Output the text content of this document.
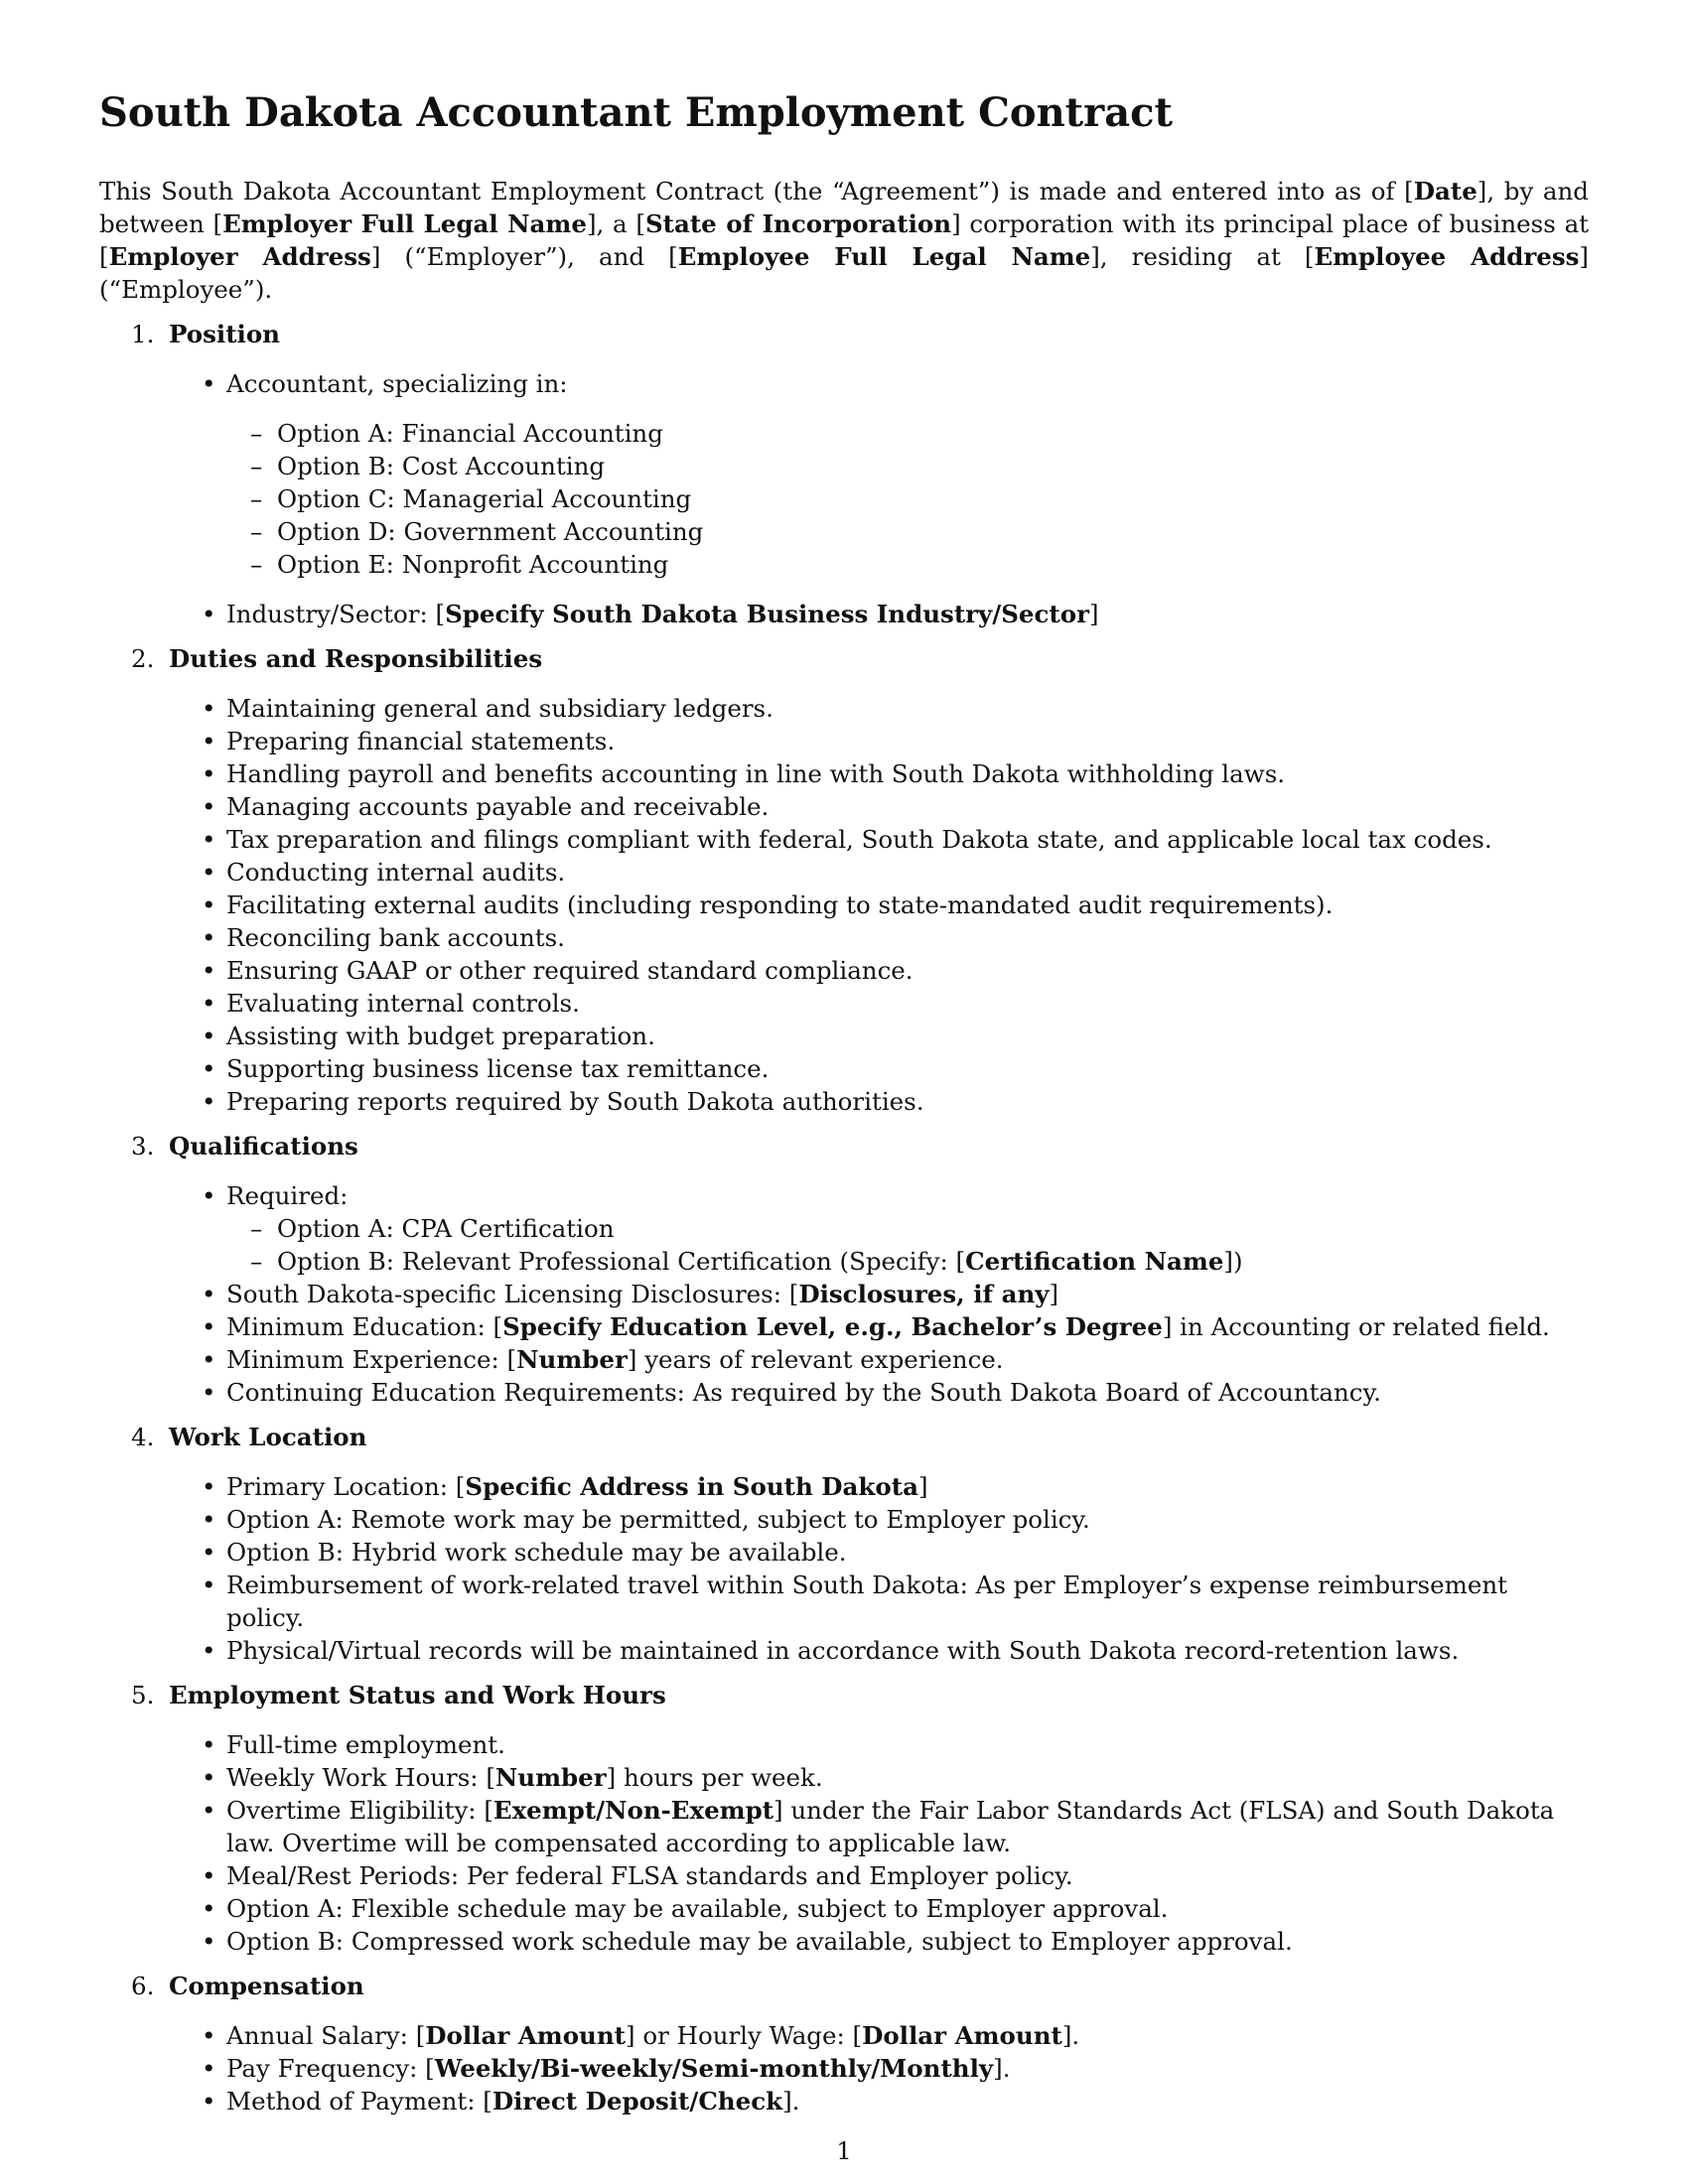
South Dakota Accountant Employment Contract

This South Dakota Accountant Employment Contract (the “Agreement”) is made and entered into as of [Date], by and between [Employer Full Legal Name], a [State of Incorporation] corporation with its principal place of business at [Employer Address] (“Employer”), and [Employee Full Legal Name], residing at [Employee Address] (“Employee”).

1. Position
• Accountant, specializing in:
– Option A: Financial Accounting
– Option B: Cost Accounting
– Option C: Managerial Accounting
– Option D: Government Accounting
– Option E: Nonprofit Accounting
• Industry/Sector: [Specify South Dakota Business Industry/Sector]
2. Duties and Responsibilities
• Maintaining general and subsidiary ledgers.
• Preparing financial statements.
• Handling payroll and benefits accounting in line with South Dakota withholding laws.
• Managing accounts payable and receivable.
• Tax preparation and filings compliant with federal, South Dakota state, and applicable local tax codes.
• Conducting internal audits.
• Facilitating external audits (including responding to state-mandated audit requirements).
• Reconciling bank accounts.
• Ensuring GAAP or other required standard compliance.
• Evaluating internal controls.
• Assisting with budget preparation.
• Supporting business license tax remittance.
• Preparing reports required by South Dakota authorities.
3. Qualifications
• Required:
– Option A: CPA Certification
– Option B: Relevant Professional Certification (Specify: [Certification Name])
• South Dakota-specific Licensing Disclosures: [Disclosures, if any]
• Minimum Education: [Specify Education Level, e.g., Bachelor’s Degree] in Accounting or related field.
• Minimum Experience: [Number] years of relevant experience.
• Continuing Education Requirements: As required by the South Dakota Board of Accountancy.
4. Work Location
• Primary Location: [Specific Address in South Dakota]
• Option A: Remote work may be permitted, subject to Employer policy.
• Option B: Hybrid work schedule may be available.
• Reimbursement of work-related travel within South Dakota: As per Employer’s expense reimbursement policy.
• Physical/Virtual records will be maintained in accordance with South Dakota record-retention laws.
5. Employment Status and Work Hours
• Full-time employment.
• Weekly Work Hours: [Number] hours per week.
• Overtime Eligibility: [Exempt/Non-Exempt] under the Fair Labor Standards Act (FLSA) and South Dakota law. Overtime will be compensated according to applicable law.
• Meal/Rest Periods: Per federal FLSA standards and Employer policy.
• Option A: Flexible schedule may be available, subject to Employer approval.
• Option B: Compressed work schedule may be available, subject to Employer approval.
6. Compensation
• Annual Salary: [Dollar Amount] or Hourly Wage: [Dollar Amount].
• Pay Frequency: [Weekly/Bi-weekly/Semi-monthly/Monthly].
• Method of Payment: [Direct Deposit/Check].
1
